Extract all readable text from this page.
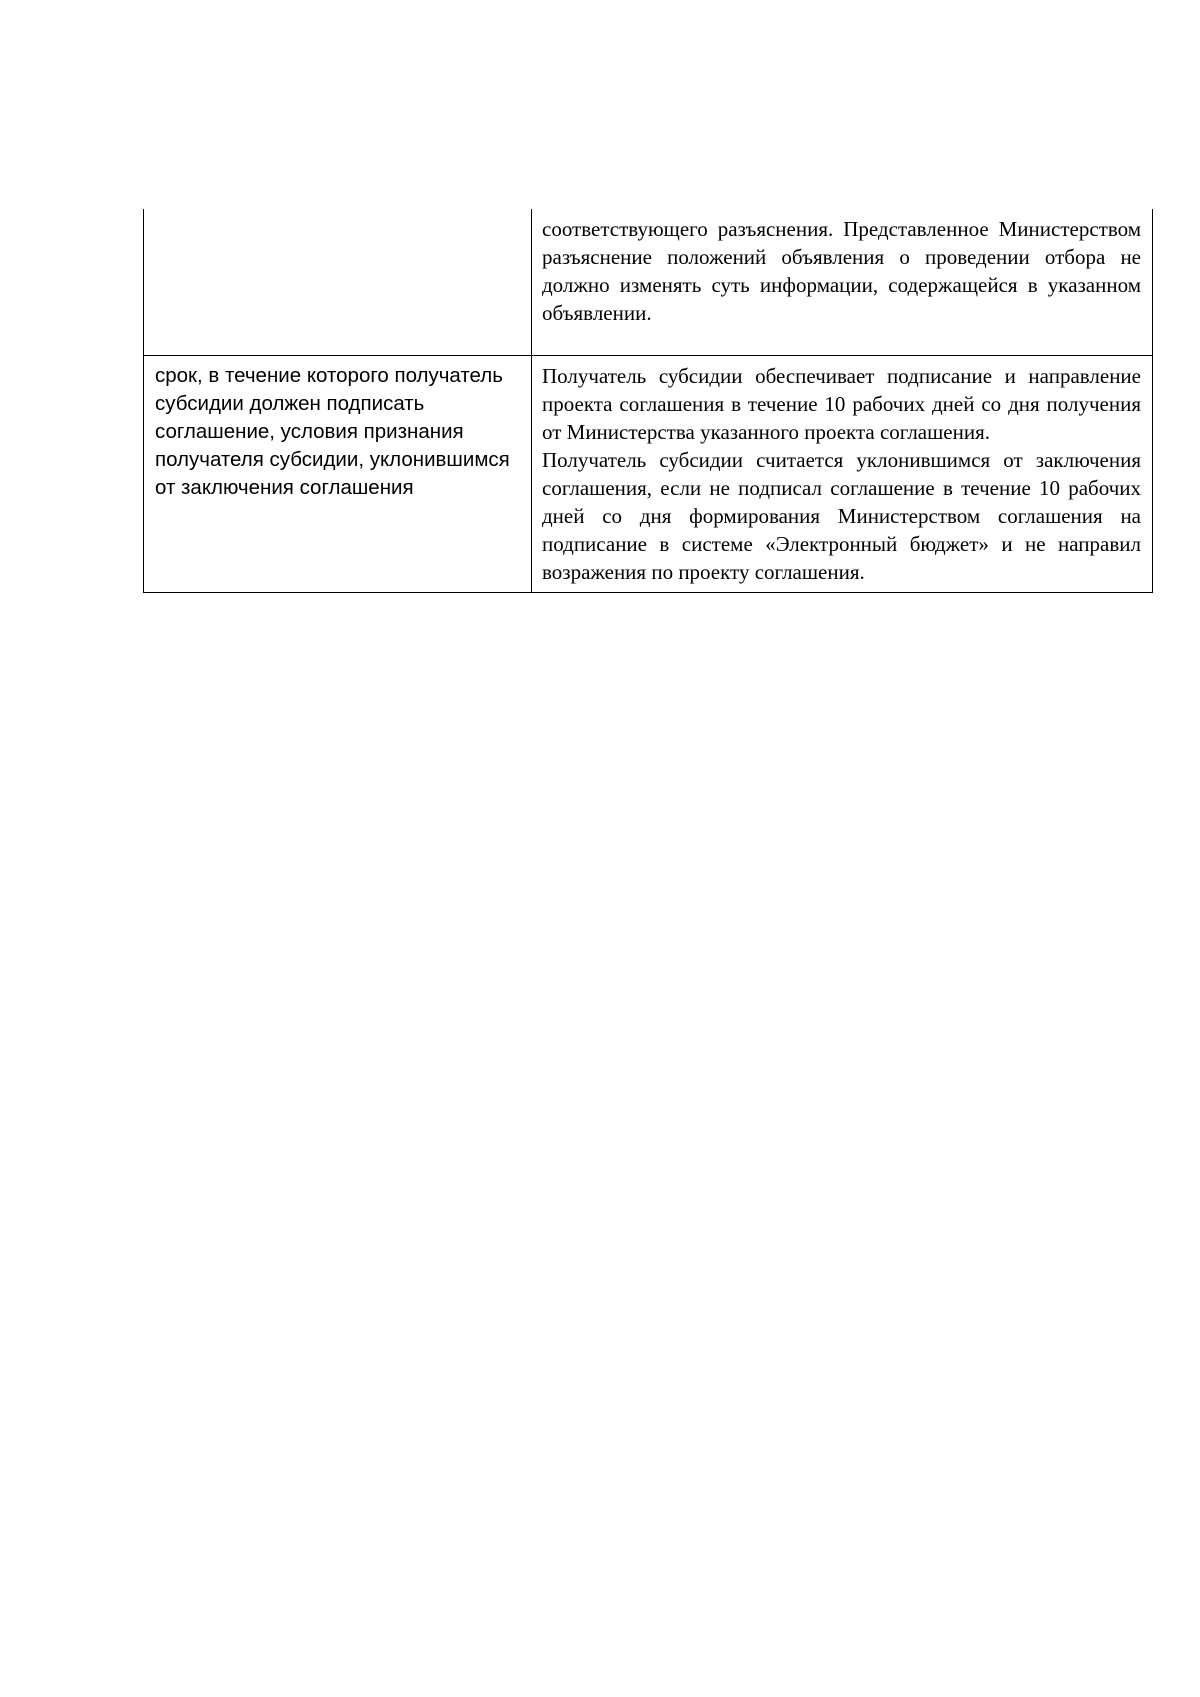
	соответствующего разъяснения. Представленное Министерством разъяснение положений объявления о проведении отбора не должно изменять суть информации, содержащейся в указанном объявлении.

срок, в течение которого получатель субсидии должен подписать соглашение, условия признания получателя субсидии, уклонившимся от заключения соглашения	Получатель субсидии обеспечивает подписание и направление проекта соглашения в течение 10 рабочих дней со дня получения от Министерства указанного проекта соглашения.
Получатель субсидии считается уклонившимся от заключения соглашения, если не подписал соглашение в течение 10 рабочих дней со дня формирования Министерством соглашения на подписание в системе «Электронный бюджет» и не направил возражения по проекту соглашения.
